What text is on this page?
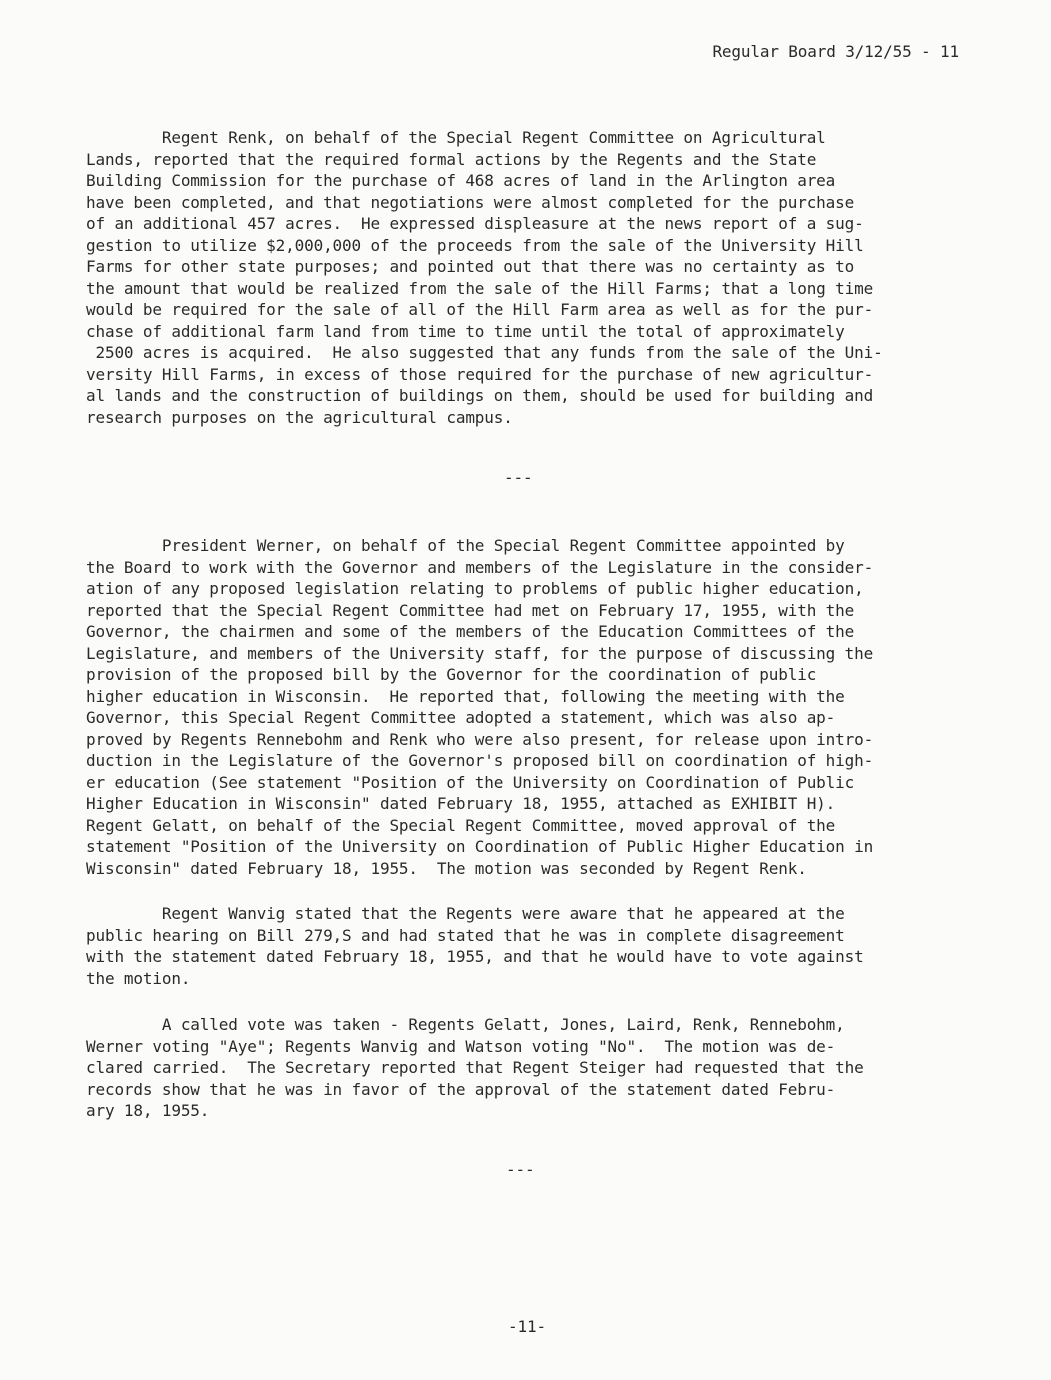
Regular Board 3/12/55 - 11

Regent Renk, on behalf of the Special Regent Committee on Agricultural
Lands, reported that the required formal actions by the Regents and the State
Building Commission for the purchase of 468 acres of land in the Arlington area
have been completed, and that negotiations were almost completed for the purchase
of an additional 457 acres.  He expressed displeasure at the news report of a sug-
gestion to utilize $2,000,000 of the proceeds from the sale of the University Hill
Farms for other state purposes; and pointed out that there was no certainty as to
the amount that would be realized from the sale of the Hill Farms; that a long time
would be required for the sale of all of the Hill Farm area as well as for the pur-
chase of additional farm land from time to time until the total of approximately
2500 acres is acquired.  He also suggested that any funds from the sale of the Uni-
versity Hill Farms, in excess of those required for the purchase of new agricultur-
al lands and the construction of buildings on them, should be used for building and
research purposes on the agricultural campus.

---

President Werner, on behalf of the Special Regent Committee appointed by
the Board to work with the Governor and members of the Legislature in the consider-
ation of any proposed legislation relating to problems of public higher education,
reported that the Special Regent Committee had met on February 17, 1955, with the
Governor, the chairmen and some of the members of the Education Committees of the
Legislature, and members of the University staff, for the purpose of discussing the
provision of the proposed bill by the Governor for the coordination of public
higher education in Wisconsin.  He reported that, following the meeting with the
Governor, this Special Regent Committee adopted a statement, which was also ap-
proved by Regents Rennebohm and Renk who were also present, for release upon intro-
duction in the Legislature of the Governor's proposed bill on coordination of high-
er education (See statement "Position of the University on Coordination of Public
Higher Education in Wisconsin" dated February 18, 1955, attached as EXHIBIT H).
Regent Gelatt, on behalf of the Special Regent Committee, moved approval of the
statement "Position of the University on Coordination of Public Higher Education in
Wisconsin" dated February 18, 1955.  The motion was seconded by Regent Renk.
Regent Wanvig stated that the Regents were aware that he appeared at the
public hearing on Bill 279,S and had stated that he was in complete disagreement
with the statement dated February 18, 1955, and that he would have to vote against
the motion.
A called vote was taken - Regents Gelatt, Jones, Laird, Renk, Rennebohm,
Werner voting "Aye"; Regents Wanvig and Watson voting "No".  The motion was de-
clared carried.  The Secretary reported that Regent Steiger had requested that the
records show that he was in favor of the approval of the statement dated Febru-
ary 18, 1955.

---

-11-
